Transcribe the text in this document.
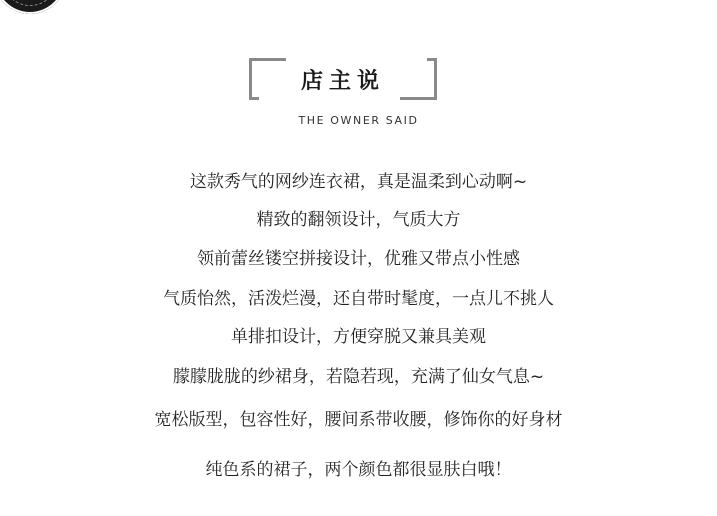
店主说
THE OWNER SAID
这款秀气的网纱连衣裙，真是温柔到心动啊~
精致的翻领设计，气质大方
领前蕾丝镂空拼接设计，优雅又带点小性感
气质怡然，活泼烂漫，还自带时髦度，一点儿不挑人
单排扣设计，方便穿脱又兼具美观
朦朦胧胧的纱裙身，若隐若现，充满了仙女气息~
宽松版型，包容性好，腰间系带收腰，修饰你的好身材
纯色系的裙子，两个颜色都很显肤白哦！
